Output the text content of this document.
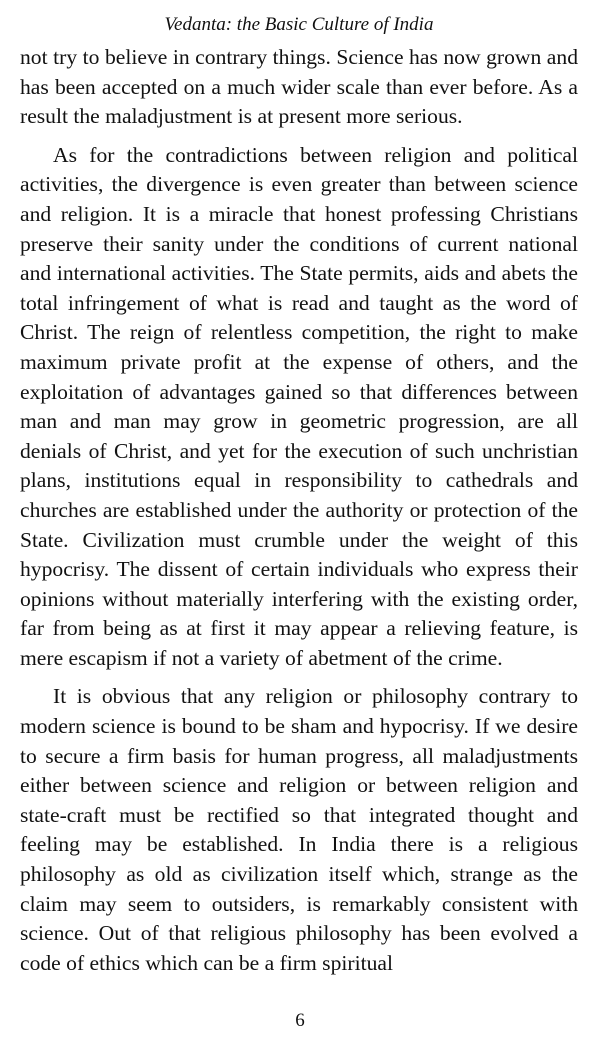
Vedanta: the Basic Culture of India

not try to believe in contrary things. Science has now grown and has been accepted on a much wider scale than ever before. As a result the maladjustment is at present more serious.

As for the contradictions between religion and political activities, the divergence is even greater than between science and religion. It is a miracle that honest professing Christians preserve their sanity under the conditions of current national and international activities. The State permits, aids and abets the total infringement of what is read and taught as the word of Christ. The reign of relentless competition, the right to make maximum private profit at the expense of others, and the exploitation of advantages gained so that differences between man and man may grow in geometric progression, are all denials of Christ, and yet for the execution of such unchristian plans, institutions equal in responsibility to cathedrals and churches are established under the authority or protection of the State. Civilization must crumble under the weight of this hypocrisy. The dissent of certain individuals who express their opinions without materially interfering with the existing order, far from being as at first it may appear a relieving feature, is mere escapism if not a variety of abetment of the crime.

It is obvious that any religion or philosophy contrary to modern science is bound to be sham and hypocrisy. If we desire to secure a firm basis for human progress, all maladjustments either between science and religion or between religion and state-craft must be rectified so that integrated thought and feeling may be established. In India there is a religious philosophy as old as civilization itself which, strange as the claim may seem to outsiders, is remarkably consistent with science. Out of that religious philosophy has been evolved a code of ethics which can be a firm spiritual

6
